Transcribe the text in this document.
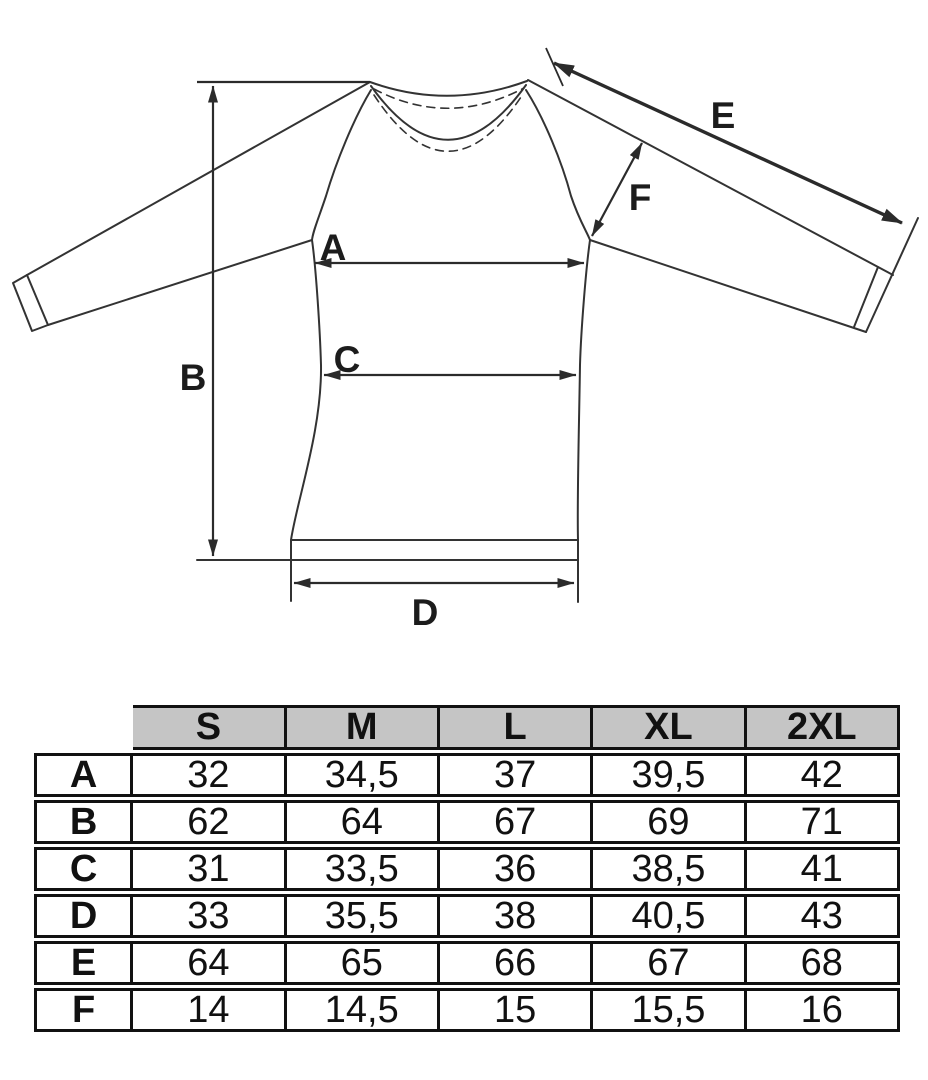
A
B	C
D
E
F
	S	M	L	XL	2XL
A	32	34,5	37	39,5	42
B	62	64	67	69	71
C	31	33,5	36	38,5	41
D	33	35,5	38	40,5	43
E	64	65	66	67	68
F	14	14,5	15	15,5	16
